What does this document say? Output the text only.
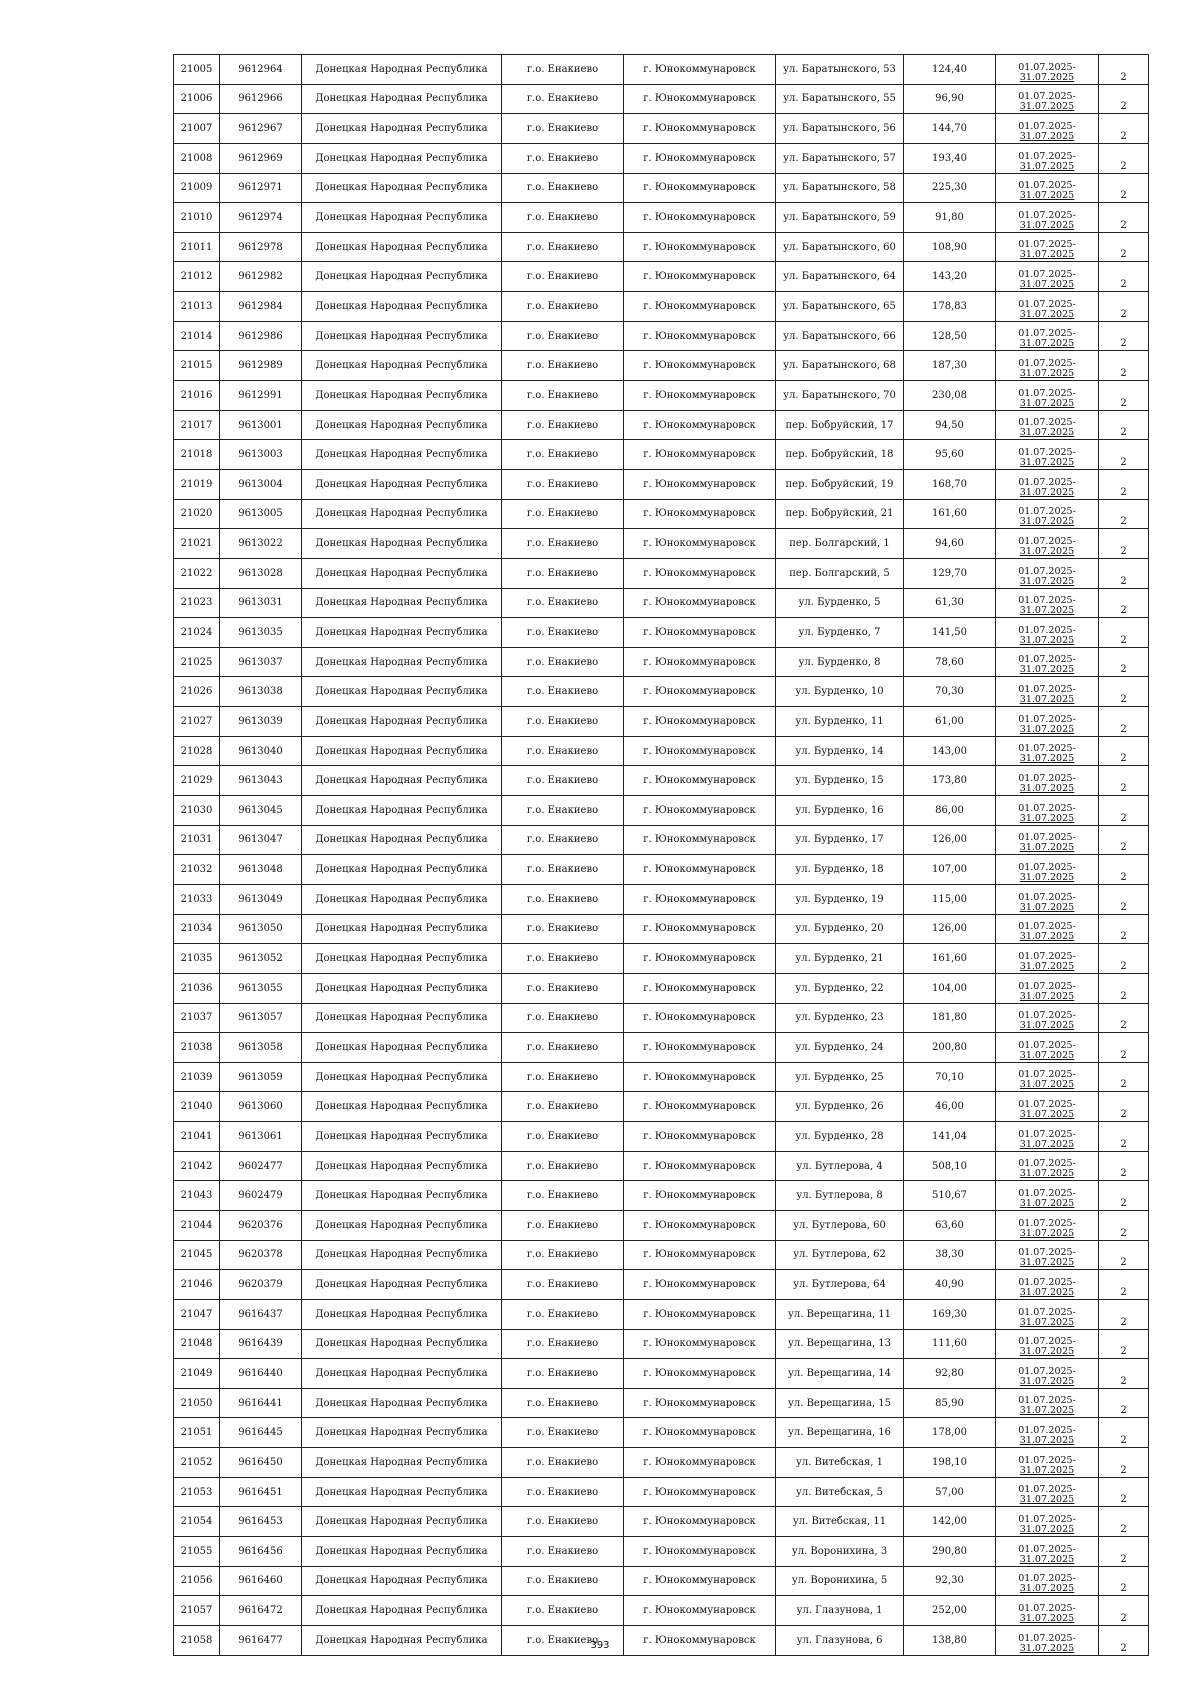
21005	9612964	Донецкая Народная Республика	г.о. Енакиево	г. Юнокоммунаровск	ул. Баратынского, 53	124,40	01.07.2025-
31.07.2025	2
21006	9612966	Донецкая Народная Республика	г.о. Енакиево	г. Юнокоммунаровск	ул. Баратынского, 55	96,90	01.07.2025-
31.07.2025	2
21007	9612967	Донецкая Народная Республика	г.о. Енакиево	г. Юнокоммунаровск	ул. Баратынского, 56	144,70	01.07.2025-
31.07.2025	2
21008	9612969	Донецкая Народная Республика	г.о. Енакиево	г. Юнокоммунаровск	ул. Баратынского, 57	193,40	01.07.2025-
31.07.2025	2
21009	9612971	Донецкая Народная Республика	г.о. Енакиево	г. Юнокоммунаровск	ул. Баратынского, 58	225,30	01.07.2025-
31.07.2025	2
21010	9612974	Донецкая Народная Республика	г.о. Енакиево	г. Юнокоммунаровск	ул. Баратынского, 59	91,80	01.07.2025-
31.07.2025	2
21011	9612978	Донецкая Народная Республика	г.о. Енакиево	г. Юнокоммунаровск	ул. Баратынского, 60	108,90	01.07.2025-
31.07.2025	2
21012	9612982	Донецкая Народная Республика	г.о. Енакиево	г. Юнокоммунаровск	ул. Баратынского, 64	143,20	01.07.2025-
31.07.2025	2
21013	9612984	Донецкая Народная Республика	г.о. Енакиево	г. Юнокоммунаровск	ул. Баратынского, 65	178,83	01.07.2025-
31.07.2025	2
21014	9612986	Донецкая Народная Республика	г.о. Енакиево	г. Юнокоммунаровск	ул. Баратынского, 66	128,50	01.07.2025-
31.07.2025	2
21015	9612989	Донецкая Народная Республика	г.о. Енакиево	г. Юнокоммунаровск	ул. Баратынского, 68	187,30	01.07.2025-
31.07.2025	2
21016	9612991	Донецкая Народная Республика	г.о. Енакиево	г. Юнокоммунаровск	ул. Баратынского, 70	230,08	01.07.2025-
31.07.2025	2
21017	9613001	Донецкая Народная Республика	г.о. Енакиево	г. Юнокоммунаровск	пер. Бобруйский, 17	94,50	01.07.2025-
31.07.2025	2
21018	9613003	Донецкая Народная Республика	г.о. Енакиево	г. Юнокоммунаровск	пер. Бобруйский, 18	95,60	01.07.2025-
31.07.2025	2
21019	9613004	Донецкая Народная Республика	г.о. Енакиево	г. Юнокоммунаровск	пер. Бобруйский, 19	168,70	01.07.2025-
31.07.2025	2
21020	9613005	Донецкая Народная Республика	г.о. Енакиево	г. Юнокоммунаровск	пер. Бобруйский, 21	161,60	01.07.2025-
31.07.2025	2
21021	9613022	Донецкая Народная Республика	г.о. Енакиево	г. Юнокоммунаровск	пер. Болгарский, 1	94,60	01.07.2025-
31.07.2025	2
21022	9613028	Донецкая Народная Республика	г.о. Енакиево	г. Юнокоммунаровск	пер. Болгарский, 5	129,70	01.07.2025-
31.07.2025	2
21023	9613031	Донецкая Народная Республика	г.о. Енакиево	г. Юнокоммунаровск	ул. Бурденко, 5	61,30	01.07.2025-
31.07.2025	2
21024	9613035	Донецкая Народная Республика	г.о. Енакиево	г. Юнокоммунаровск	ул. Бурденко, 7	141,50	01.07.2025-
31.07.2025	2
21025	9613037	Донецкая Народная Республика	г.о. Енакиево	г. Юнокоммунаровск	ул. Бурденко, 8	78,60	01.07.2025-
31.07.2025	2
21026	9613038	Донецкая Народная Республика	г.о. Енакиево	г. Юнокоммунаровск	ул. Бурденко, 10	70,30	01.07.2025-
31.07.2025	2
21027	9613039	Донецкая Народная Республика	г.о. Енакиево	г. Юнокоммунаровск	ул. Бурденко, 11	61,00	01.07.2025-
31.07.2025	2
21028	9613040	Донецкая Народная Республика	г.о. Енакиево	г. Юнокоммунаровск	ул. Бурденко, 14	143,00	01.07.2025-
31.07.2025	2
21029	9613043	Донецкая Народная Республика	г.о. Енакиево	г. Юнокоммунаровск	ул. Бурденко, 15	173,80	01.07.2025-
31.07.2025	2
21030	9613045	Донецкая Народная Республика	г.о. Енакиево	г. Юнокоммунаровск	ул. Бурденко, 16	86,00	01.07.2025-
31.07.2025	2
21031	9613047	Донецкая Народная Республика	г.о. Енакиево	г. Юнокоммунаровск	ул. Бурденко, 17	126,00	01.07.2025-
31.07.2025	2
21032	9613048	Донецкая Народная Республика	г.о. Енакиево	г. Юнокоммунаровск	ул. Бурденко, 18	107,00	01.07.2025-
31.07.2025	2
21033	9613049	Донецкая Народная Республика	г.о. Енакиево	г. Юнокоммунаровск	ул. Бурденко, 19	115,00	01.07.2025-
31.07.2025	2
21034	9613050	Донецкая Народная Республика	г.о. Енакиево	г. Юнокоммунаровск	ул. Бурденко, 20	126,00	01.07.2025-
31.07.2025	2
21035	9613052	Донецкая Народная Республика	г.о. Енакиево	г. Юнокоммунаровск	ул. Бурденко, 21	161,60	01.07.2025-
31.07.2025	2
21036	9613055	Донецкая Народная Республика	г.о. Енакиево	г. Юнокоммунаровск	ул. Бурденко, 22	104,00	01.07.2025-
31.07.2025	2
21037	9613057	Донецкая Народная Республика	г.о. Енакиево	г. Юнокоммунаровск	ул. Бурденко, 23	181,80	01.07.2025-
31.07.2025	2
21038	9613058	Донецкая Народная Республика	г.о. Енакиево	г. Юнокоммунаровск	ул. Бурденко, 24	200,80	01.07.2025-
31.07.2025	2
21039	9613059	Донецкая Народная Республика	г.о. Енакиево	г. Юнокоммунаровск	ул. Бурденко, 25	70,10	01.07.2025-
31.07.2025	2
21040	9613060	Донецкая Народная Республика	г.о. Енакиево	г. Юнокоммунаровск	ул. Бурденко, 26	46,00	01.07.2025-
31.07.2025	2
21041	9613061	Донецкая Народная Республика	г.о. Енакиево	г. Юнокоммунаровск	ул. Бурденко, 28	141,04	01.07.2025-
31.07.2025	2
21042	9602477	Донецкая Народная Республика	г.о. Енакиево	г. Юнокоммунаровск	ул. Бутлерова, 4	508,10	01.07.2025-
31.07.2025	2
21043	9602479	Донецкая Народная Республика	г.о. Енакиево	г. Юнокоммунаровск	ул. Бутлерова, 8	510,67	01.07.2025-
31.07.2025	2
21044	9620376	Донецкая Народная Республика	г.о. Енакиево	г. Юнокоммунаровск	ул. Бутлерова, 60	63,60	01.07.2025-
31.07.2025	2
21045	9620378	Донецкая Народная Республика	г.о. Енакиево	г. Юнокоммунаровск	ул. Бутлерова, 62	38,30	01.07.2025-
31.07.2025	2
21046	9620379	Донецкая Народная Республика	г.о. Енакиево	г. Юнокоммунаровск	ул. Бутлерова, 64	40,90	01.07.2025-
31.07.2025	2
21047	9616437	Донецкая Народная Республика	г.о. Енакиево	г. Юнокоммунаровск	ул. Верещагина, 11	169,30	01.07.2025-
31.07.2025	2
21048	9616439	Донецкая Народная Республика	г.о. Енакиево	г. Юнокоммунаровск	ул. Верещагина, 13	111,60	01.07.2025-
31.07.2025	2
21049	9616440	Донецкая Народная Республика	г.о. Енакиево	г. Юнокоммунаровск	ул. Верещагина, 14	92,80	01.07.2025-
31.07.2025	2
21050	9616441	Донецкая Народная Республика	г.о. Енакиево	г. Юнокоммунаровск	ул. Верещагина, 15	85,90	01.07.2025-
31.07.2025	2
21051	9616445	Донецкая Народная Республика	г.о. Енакиево	г. Юнокоммунаровск	ул. Верещагина, 16	178,00	01.07.2025-
31.07.2025	2
21052	9616450	Донецкая Народная Республика	г.о. Енакиево	г. Юнокоммунаровск	ул. Витебская, 1	198,10	01.07.2025-
31.07.2025	2
21053	9616451	Донецкая Народная Республика	г.о. Енакиево	г. Юнокоммунаровск	ул. Витебская, 5	57,00	01.07.2025-
31.07.2025	2
21054	9616453	Донецкая Народная Республика	г.о. Енакиево	г. Юнокоммунаровск	ул. Витебская, 11	142,00	01.07.2025-
31.07.2025	2
21055	9616456	Донецкая Народная Республика	г.о. Енакиево	г. Юнокоммунаровск	ул. Воронихина, 3	290,80	01.07.2025-
31.07.2025	2
21056	9616460	Донецкая Народная Республика	г.о. Енакиево	г. Юнокоммунаровск	ул. Воронихина, 5	92,30	01.07.2025-
31.07.2025	2
21057	9616472	Донецкая Народная Республика	г.о. Енакиево	г. Юнокоммунаровск	ул. Глазунова, 1	252,00	01.07.2025-
31.07.2025	2
21058	9616477	Донецкая Народная Республика	г.о. Енакиево	г. Юнокоммунаровск	ул. Глазунова, 6	138,80	01.07.2025-
31.07.2025	2
393
